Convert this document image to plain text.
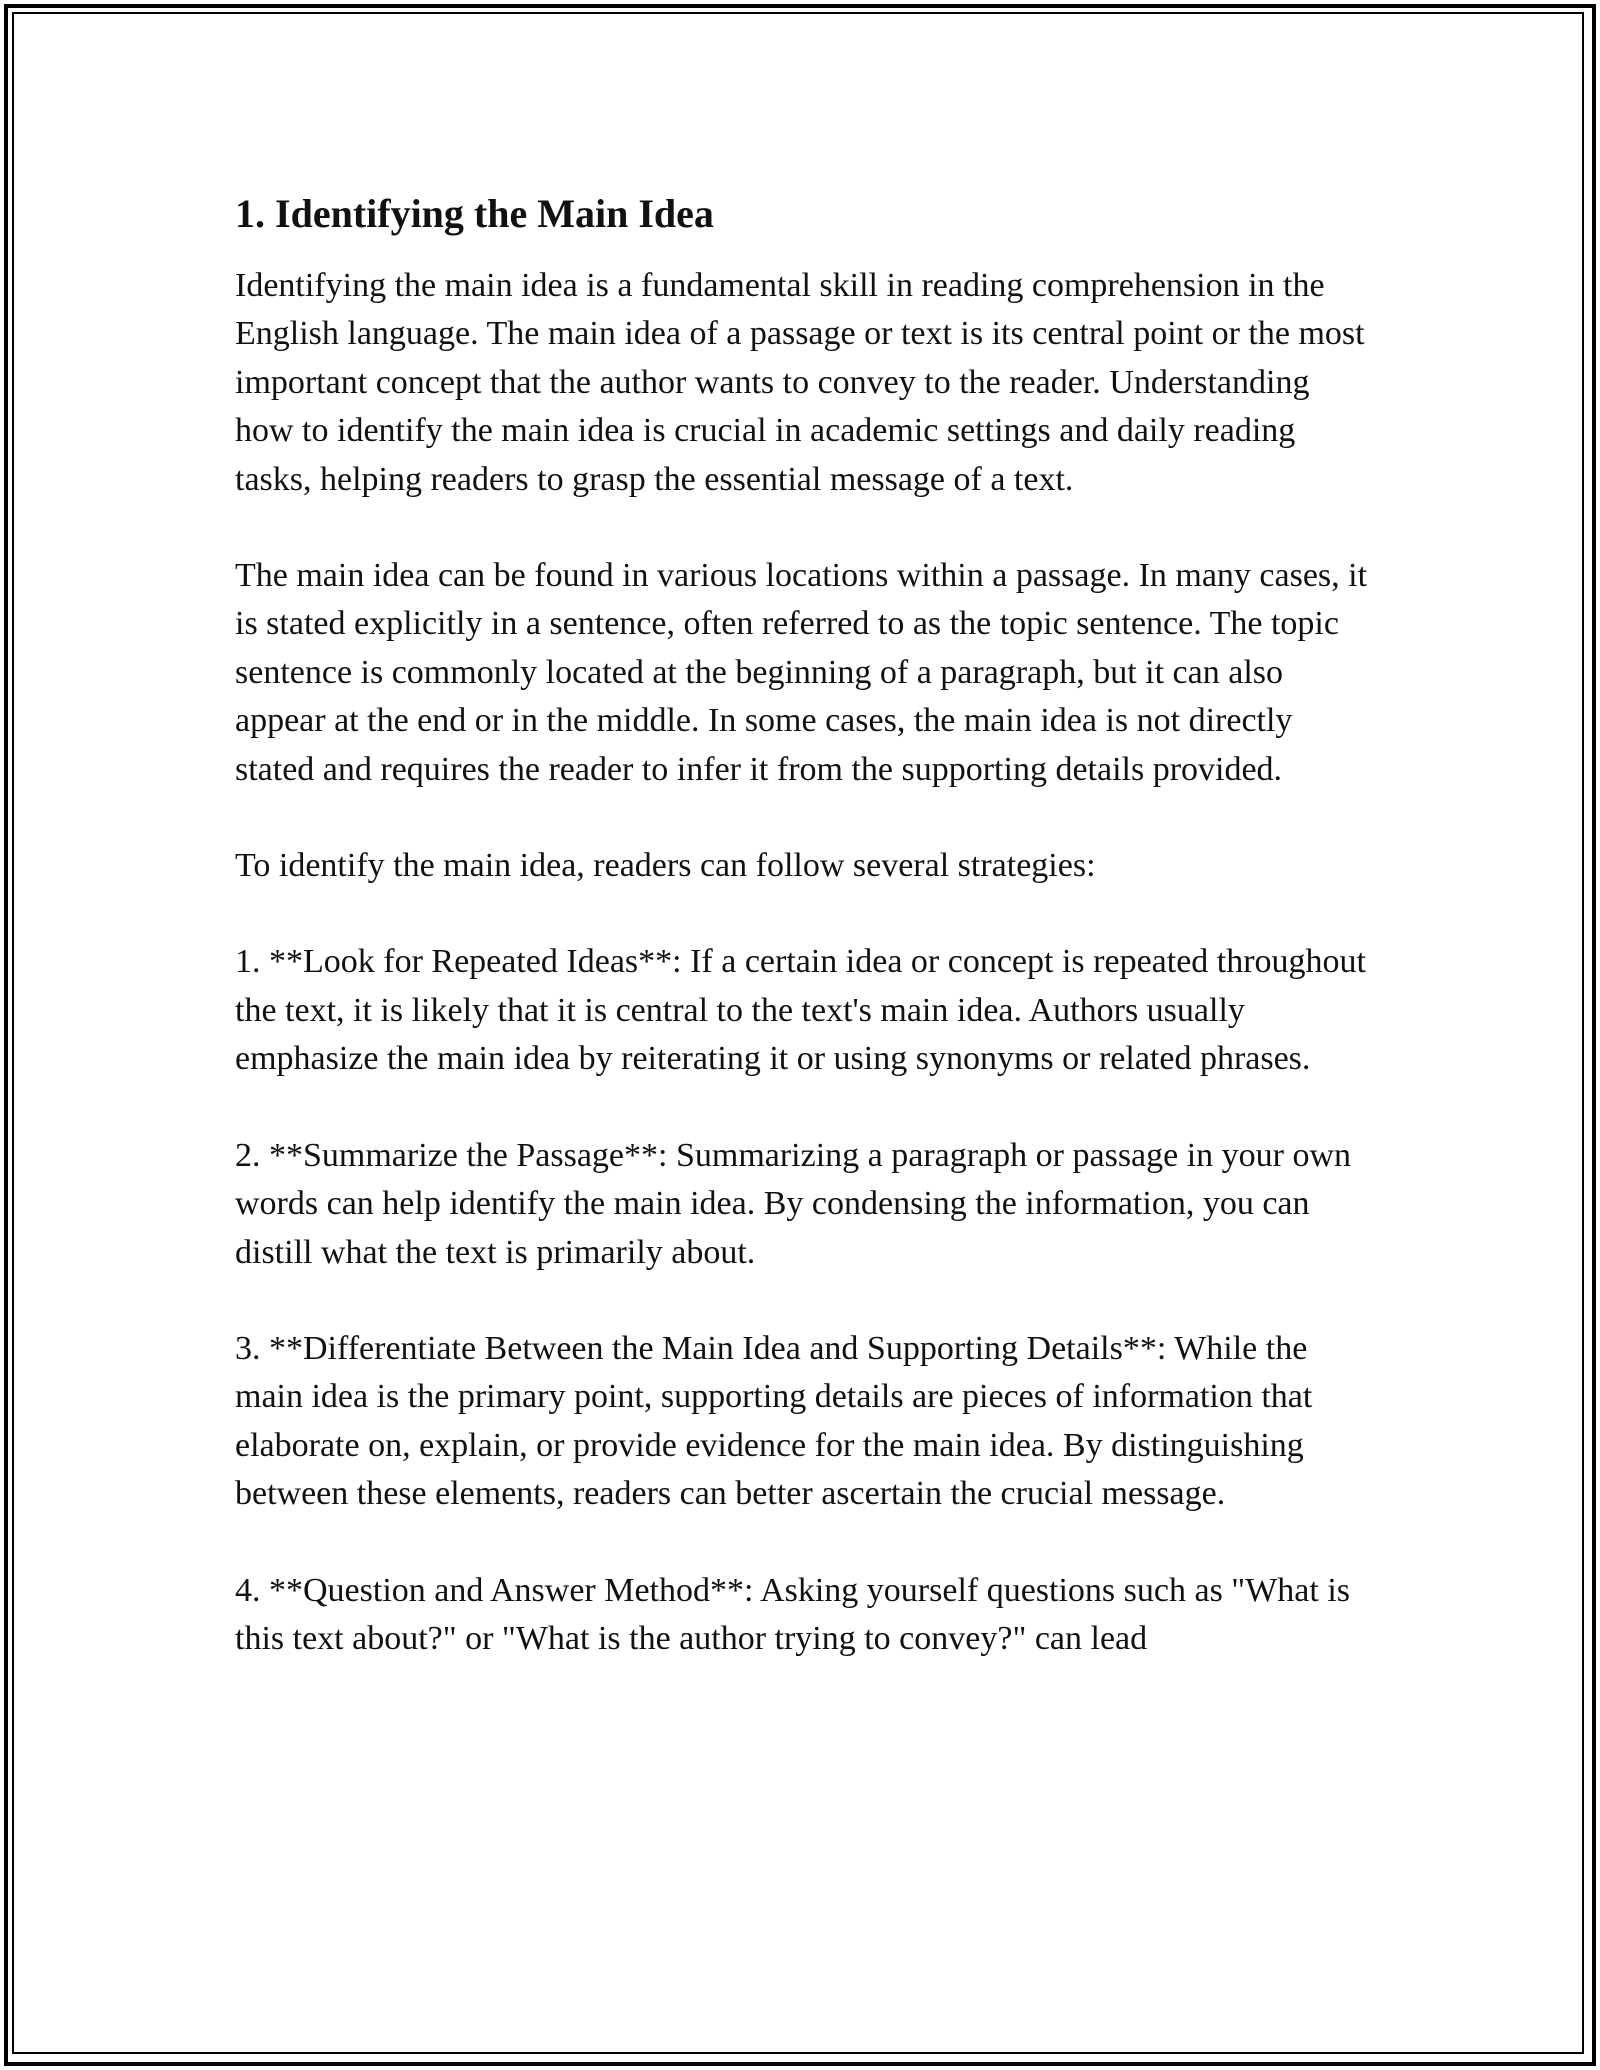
1. Identifying the Main Idea

Identifying the main idea is a fundamental skill in reading comprehension in the English language. The main idea of a passage or text is its central point or the most important concept that the author wants to convey to the reader. Understanding how to identify the main idea is crucial in academic settings and daily reading tasks, helping readers to grasp the essential message of a text.

The main idea can be found in various locations within a passage. In many cases, it is stated explicitly in a sentence, often referred to as the topic sentence. The topic sentence is commonly located at the beginning of a paragraph, but it can also appear at the end or in the middle. In some cases, the main idea is not directly stated and requires the reader to infer it from the supporting details provided.

To identify the main idea, readers can follow several strategies:

1. **Look for Repeated Ideas**: If a certain idea or concept is repeated throughout the text, it is likely that it is central to the text's main idea. Authors usually emphasize the main idea by reiterating it or using synonyms or related phrases.

2. **Summarize the Passage**: Summarizing a paragraph or passage in your own words can help identify the main idea. By condensing the information, you can distill what the text is primarily about.

3. **Differentiate Between the Main Idea and Supporting Details**: While the main idea is the primary point, supporting details are pieces of information that elaborate on, explain, or provide evidence for the main idea. By distinguishing between these elements, readers can better ascertain the crucial message.

4. **Question and Answer Method**: Asking yourself questions such as "What is this text about?" or "What is the author trying to convey?" can lead
